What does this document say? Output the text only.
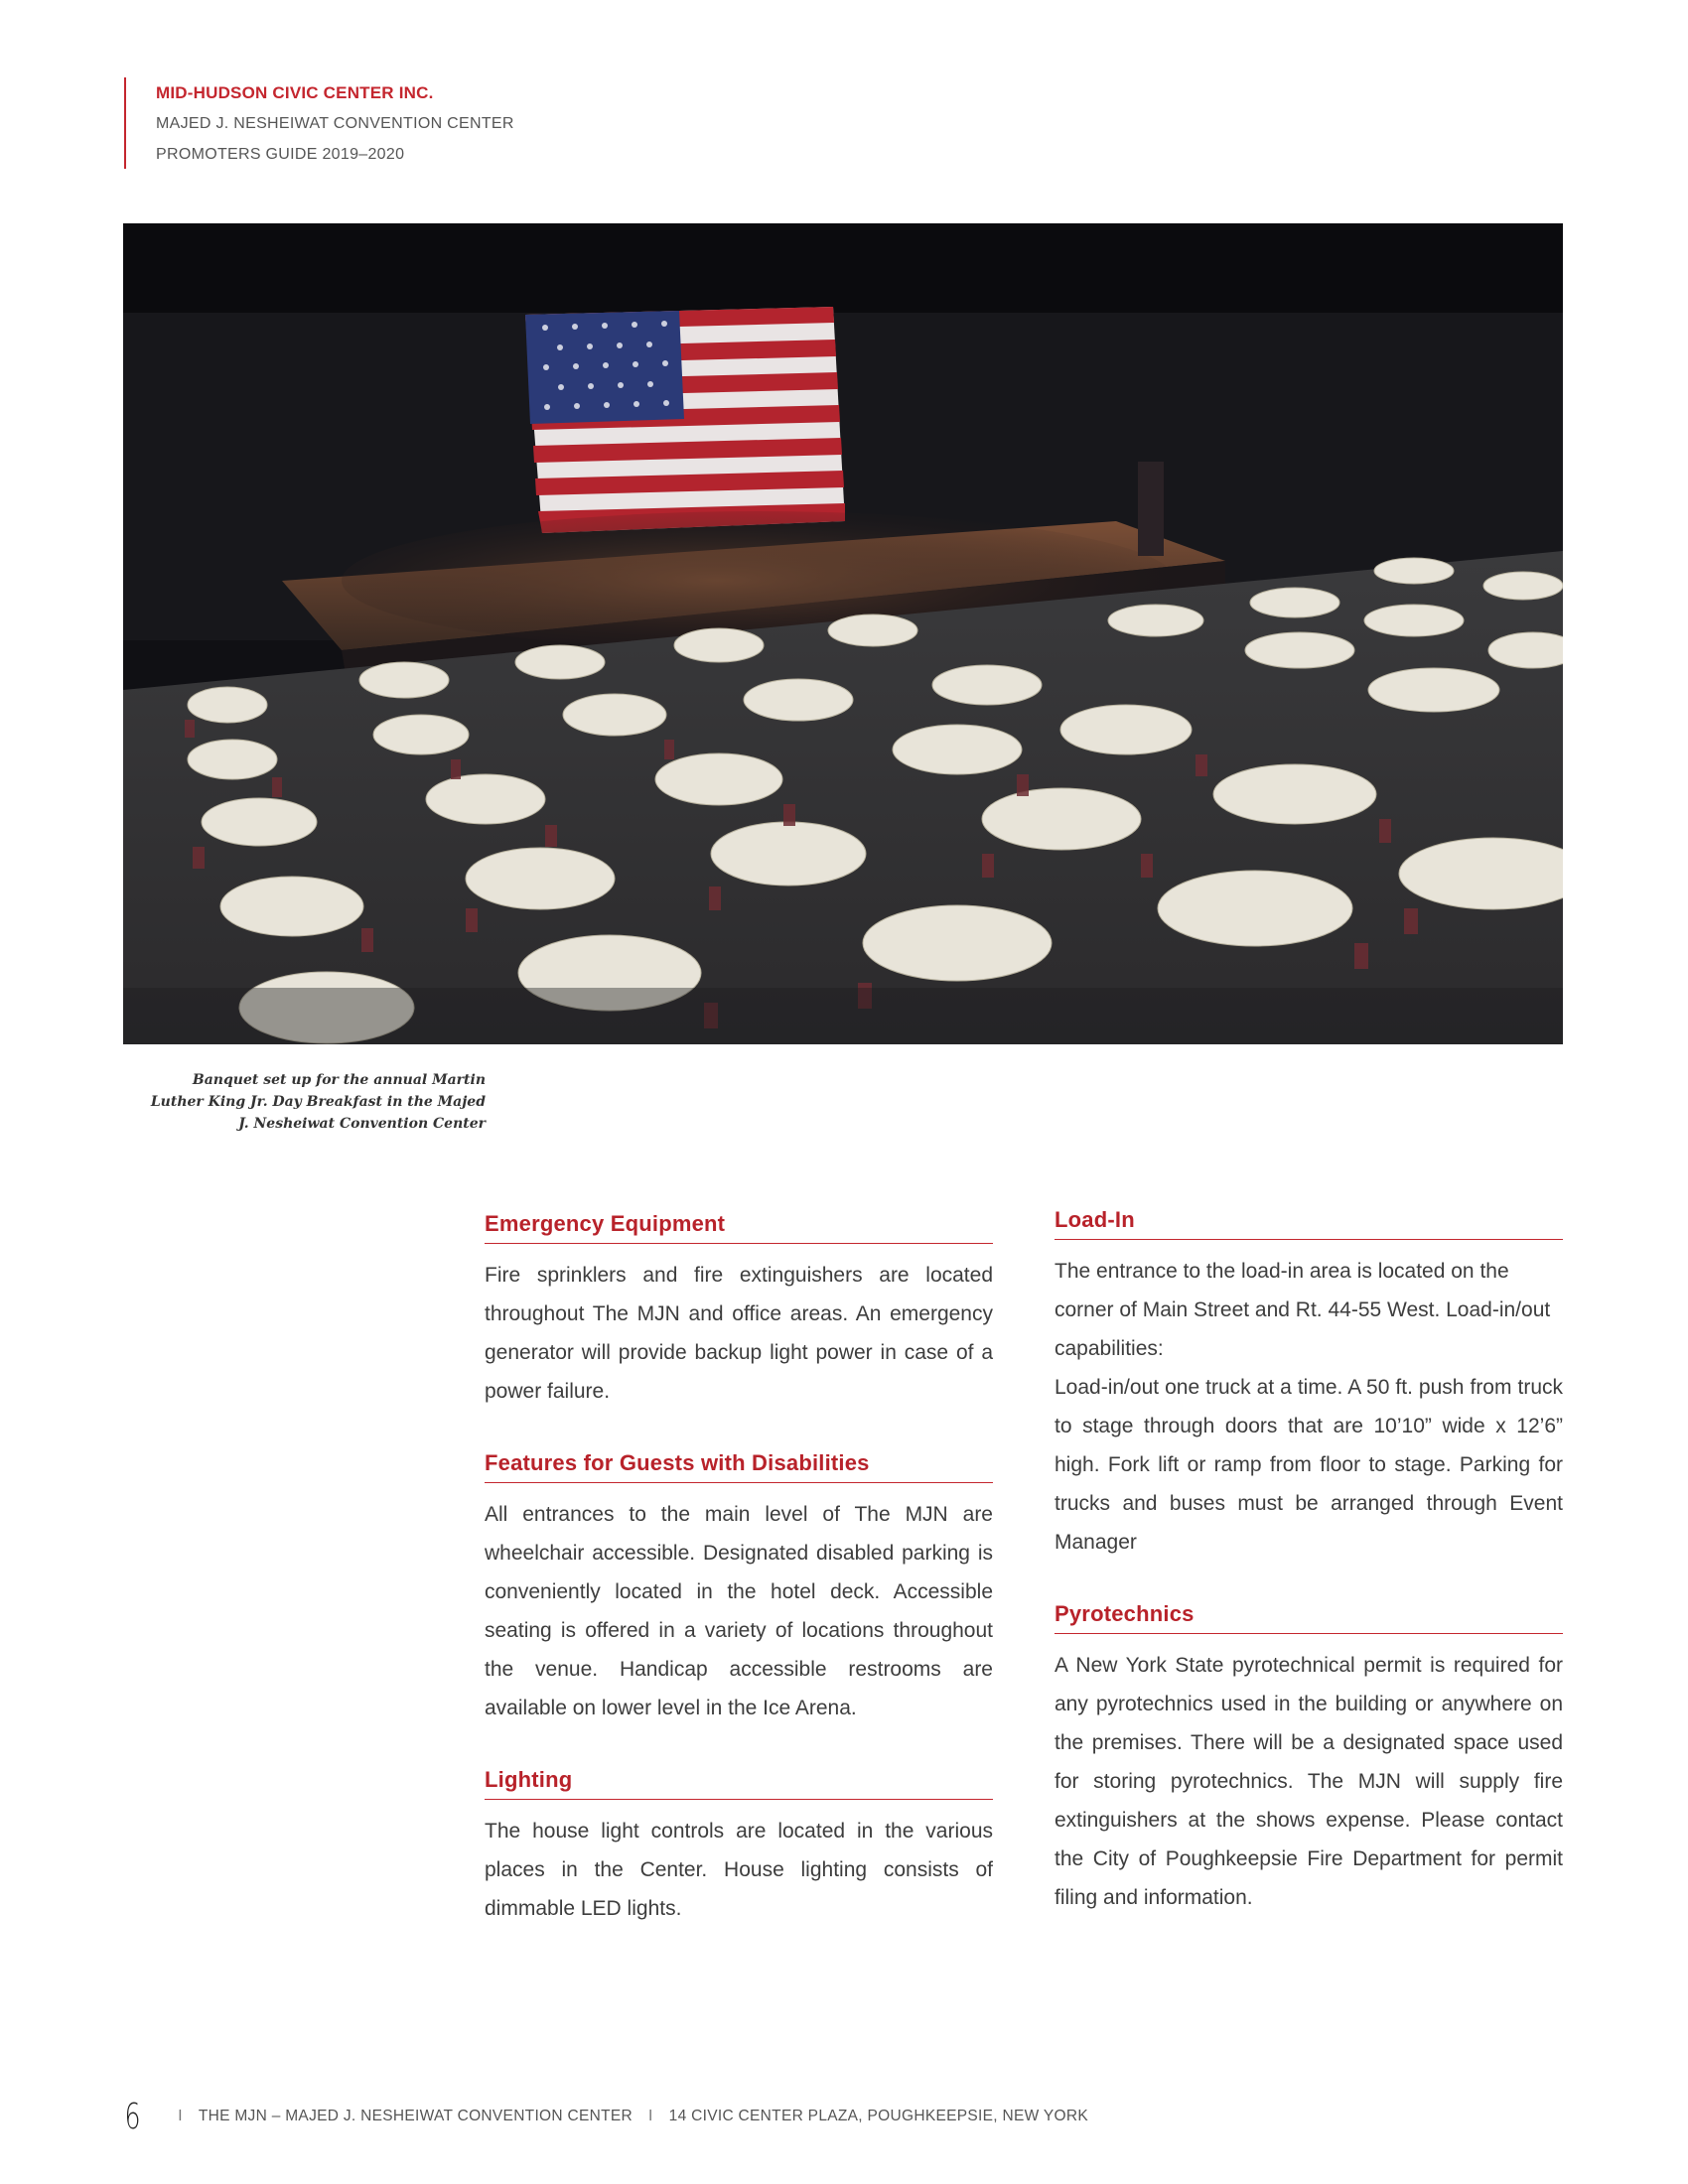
MID-HUDSON CIVIC CENTER INC.

MAJED J. NESHEIWAT CONVENTION CENTER

PROMOTERS GUIDE 2019–2020

Banquet set up for the annual Martin
Luther King Jr. Day Breakfast in the Majed
J. Nesheiwat Convention Center
Emergency Equipment

Fire sprinklers and fire extinguishers are located throughout The MJN and office areas. An emergency generator will provide backup light power in case of a power failure.

Features for Guests with Disabilities

All entrances to the main level of The MJN are wheelchair accessible. Designated disabled parking is conveniently located in the hotel deck. Accessible seating is offered in a variety of locations throughout the venue. Handicap accessible restrooms are available on lower level in the Ice Arena.

Lighting

The house light controls are located in the various places in the Center. House lighting consists of dimmable LED lights.

Load-In

The entrance to the load-in area is located on the corner of Main Street and Rt. 44-55 West. Load-in/out capabilities:

Load-in/out one truck at a time. A 50 ft. push from truck to stage through doors that are 10’10” wide x 12’6” high. Fork lift or ramp from floor to stage. Parking for trucks and buses must be arranged through Event Manager

Pyrotechnics

A New York State pyrotechnical permit is required for any pyrotechnics used in the building or anywhere on the premises. There will be a designated space used for storing pyrotechnics. The MJN will supply fire extinguishers at the shows expense. Please contact the City of Poughkeepsie Fire Department for permit filing and information.

6 I THE MJN – MAJED J. NESHEIWAT CONVENTION CENTER I 14 CIVIC CENTER PLAZA, POUGHKEEPSIE, NEW YORK
